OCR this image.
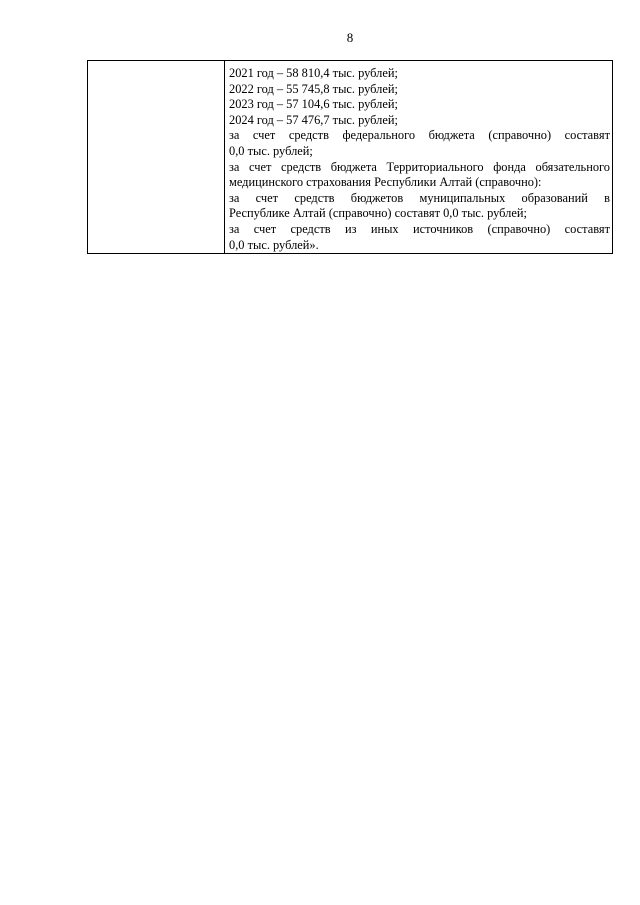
8

2021 год – 58 810,4 тыс. рублей;
2022 год – 55 745,8 тыс. рублей;
2023 год – 57 104,6 тыс. рублей;
2024 год – 57 476,7 тыс. рублей;
за счет средств федерального бюджета (справочно) составят
0,0 тыс. рублей;
за счет средств бюджета Территориального фонда обязательного
медицинского страхования Республики Алтай (справочно):
за счет средств бюджетов муниципальных образований в
Республике Алтай (справочно) составят 0,0 тыс. рублей;
за счет средств из иных источников (справочно) составят
0,0 тыс. рублей».
